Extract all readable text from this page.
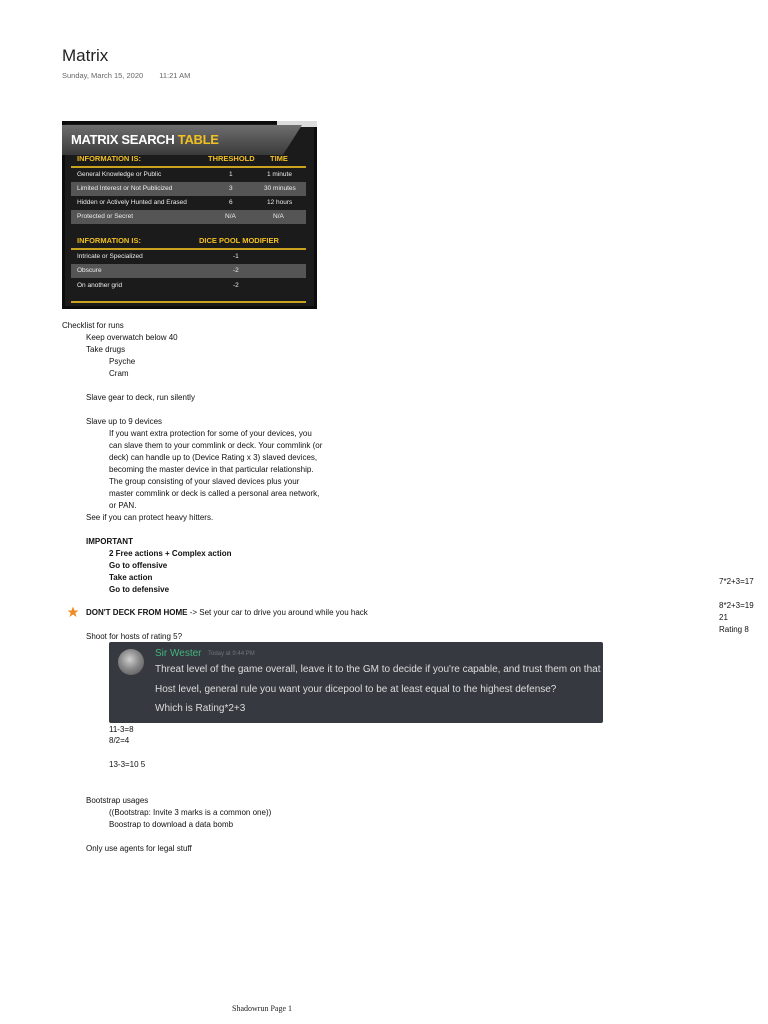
Matrix
Sunday, March 15, 2020 11:21 AM
MATRIX SEARCH TABLE
INFORMATION IS:	THRESHOLD TIME
General Knowledge or Public	1	1 minute
Limited Interest or Not Publicized	3	30 minutes
Hidden or Actively Hunted and Erased	6	12 hours
Protected or Secret	N/A	N/A
INFORMATION IS:	DICE POOL MODIFIER
Intricate or Specialized	-1
Obscure	-2
On another grid	-2
Checklist for runs
Keep overwatch below 40
Take drugs
Psyche
Cram
Slave gear to deck, run silently
Slave up to 9 devices
If you want extra protection for some of your devices, you can slave them to your commlink or deck. Your commlink (or deck) can handle up to (Device Rating x 3) slaved devices, becoming the master device in that particular relationship. The group consisting of your slaved devices plus your master commlink or deck is called a personal area network, or PAN.
See if you can protect heavy hitters.
IMPORTANT
2 Free actions + Complex action
Go to offensive
Take action
Go to defensive
DON'T DECK FROM HOME -> Set your car to drive you around while you hack
Shoot for hosts of rating 5?
Sir Wester Today at 9:44 PM
Threat level of the game overall, leave it to the GM to decide if you're capable, and trust them on that
Host level, general rule you want your dicepool to be at least equal to the highest defense?
Which is Rating*2+3
11-3=8
8/2=4
13-3=10 5
Bootstrap usages
((Bootstrap: Invite 3 marks is a common one))
Boostrap to download a data bomb
Only use agents for legal stuff
7*2+3=17
8*2+3=19
21
Rating 8
Shadowrun Page 1
